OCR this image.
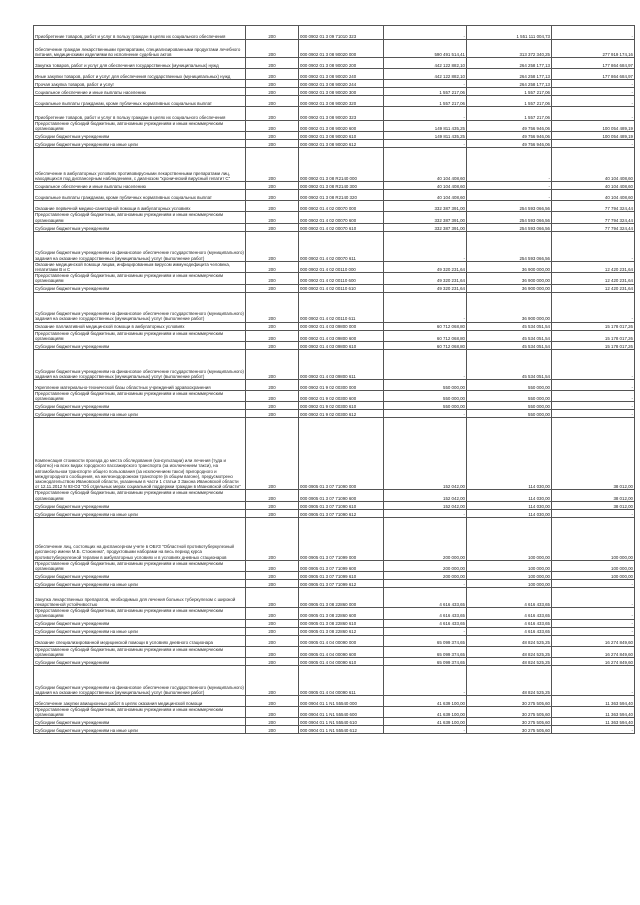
Приобретение товаров, работ и услуг в пользу граждан в целях их социального обеспечения	200	000 0902 01 3 09 71010 323	-	1 551 111 004,73	-
Обеспечение граждан лекарственными препаратами, специализированными продуктами лечебного питания, медицинскими изделиями во исполнение судебных актов	200	000 0902 01 3 08 90020 000	590 491 514,41	313 372 340,25	277 919 174,16
Закупка товаров, работ и услуг для обеспечения государственных (муниципальных) нужд	200	000 0902 01 3 08 90020 200	442 122 882,10	264 258 177,13	177 864 684,97
Иные закупки товаров, работ и услуг для обеспечения государственных (муниципальных) нужд	200	000 0902 01 3 08 90020 240	442 122 882,10	264 258 177,13	177 864 684,97
Прочая закупка товаров, работ и услуг	200	000 0902 01 3 08 90020 244	-	264 258 177,13	-
Социальное обеспечение и иные выплаты населению	200	000 0902 01 3 08 90020 300	1 557 217,06	1 557 217,06	-
Социальные выплаты гражданам, кроме публичных нормативных социальных выплат	200	000 0902 01 3 08 90020 320	1 557 217,06	1 557 217,06	-
Приобретение товаров, работ и услуг в пользу граждан в целях их социального обеспечения	200	000 0902 01 3 08 90020 323	-	1 557 217,06	-
Предоставление субсидий бюджетным, автономным учреждениям и иным некоммерческим организациям	200	000 0902 01 3 08 90020 600	149 811 435,25	49 756 946,06	100 054 489,19
Субсидии бюджетным учреждениям	200	000 0902 01 3 08 90020 610	149 811 435,25	49 756 946,06	100 054 489,19
Субсидии бюджетным учреждениям на иные цели	200	000 0902 01 3 08 90020 612	-	49 756 946,06	-
Обеспечение в амбулаторных условиях противовирусными лекарственными препаратами лиц, находящихся под диспансерным наблюдением, с диагнозом "хронический вирусный гепатит С"	200	000 0902 01 3 08 R2140 000	40 104 408,60	-	40 104 408,60
Социальное обеспечение и иные выплаты населению	200	000 0902 01 3 08 R2140 300	40 104 408,60	-	40 104 408,60
Социальные выплаты гражданам, кроме публичных нормативных социальных выплат	200	000 0902 01 3 08 R2140 320	40 104 408,60	-	40 104 408,60
Оказание первичной медико-санитарной помощи в амбулаторных условиях	200	000 0902 01 4 02 00070 000	332 387 391,00	254 593 066,56	77 794 324,44
Предоставление субсидий бюджетным, автономным учреждениям и иным некоммерческим организациям	200	000 0902 01 4 02 00070 600	332 387 391,00	254 593 066,56	77 794 324,44
Субсидии бюджетным учреждениям	200	000 0902 01 4 02 00070 610	332 387 391,00	254 593 066,56	77 794 324,44
Субсидии бюджетным учреждениям на финансовое обеспечение государственного (муниципального) задания на оказание государственных (муниципальных) услуг (выполнение работ)	200	000 0902 01 4 02 00070 611	-	254 593 066,56	-
Оказание медицинской помощи лицам, инфицированным вирусом иммунодефицита человека, гепатитами В и С	200	000 0902 01 4 02 00110 000	49 320 231,64	36 900 000,00	12 420 231,64
Предоставление субсидий бюджетным, автономным учреждениям и иным некоммерческим организациям	200	000 0902 01 4 02 00110 600	49 320 231,64	36 900 000,00	12 420 231,64
Субсидии бюджетным учреждениям	200	000 0902 01 4 02 00110 610	49 320 231,64	36 900 000,00	12 420 231,64
Субсидии бюджетным учреждениям на финансовое обеспечение государственного (муниципального) задания на оказание государственных (муниципальных) услуг (выполнение работ)	200	000 0902 01 4 02 00110 611	-	36 900 000,00	-
Оказание паллиативной медицинской помощи в амбулаторных условиях	200	000 0902 01 4 03 09800 000	60 712 068,80	45 534 051,54	15 178 017,26
Предоставление субсидий бюджетным, автономным учреждениям и иным некоммерческим организациям	200	000 0902 01 4 03 09800 600	60 712 068,80	45 534 051,54	15 178 017,26
Субсидии бюджетным учреждениям	200	000 0902 01 4 03 09800 610	60 712 068,80	45 534 051,54	15 178 017,26
Субсидии бюджетным учреждениям на финансовое обеспечение государственного (муниципального) задания на оказание государственных (муниципальных) услуг (выполнение работ)	200	000 0902 01 4 03 09800 611	-	45 534 051,54	-
Укрепление материально-технической базы областных учреждений здравоохранения	200	000 0902 01 9 02 00300 000	550 000,00	550 000,00	-
Предоставление субсидий бюджетным, автономным учреждениям и иным некоммерческим организациям	200	000 0902 01 9 02 00300 600	550 000,00	550 000,00	-
Субсидии бюджетным учреждениям	200	000 0902 01 9 02 00300 610	550 000,00	550 000,00	-
Субсидии бюджетным учреждениям на иные цели	200	000 0902 01 9 02 00300 612	-	550 000,00	-
Компенсация стоимости проезда до места обследования (консультации) или лечения (туда и обратно) на всех видах городского пассажирского транспорта (за исключением такси), на автомобильном транспорте общего пользования (за исключением такси) пригородного и междугородного сообщения, на железнодорожном транспорте (в общем вагоне), предусмотрено законодательством Ивановской области, указанным в части 1 статьи 3 Закона Ивановской области от 12.11.2012 N 93-ОЗ "Об отдельных мерах социальной поддержки граждан в Ивановской области"	200	000 0905 01 3 07 71090 000	152 042,00	114 030,00	38 012,00
Предоставление субсидий бюджетным, автономным учреждениям и иным некоммерческим организациям	200	000 0905 01 3 07 71090 600	152 042,00	114 030,00	38 012,00
Субсидии бюджетным учреждениям	200	000 0905 01 3 07 71090 610	152 042,00	114 030,00	38 012,00
Субсидии бюджетным учреждениям на иные цели	200	000 0905 01 3 07 71090 612	-	114 030,00	-
Обеспечение лиц, состоящих на диспансерном учете в ОБУЗ "Областной противотуберкулезный диспансер имени М.Б. Стоюнина", продуктовыми наборами на весь период курса противотуберкулезной терапии в амбулаторных условиях и в условиях дневных стационаров	200	000 0905 01 3 07 71099 000	200 000,00	100 000,00	100 000,00
Предоставление субсидий бюджетным, автономным учреждениям и иным некоммерческим организациям	200	000 0905 01 3 07 71099 600	200 000,00	100 000,00	100 000,00
Субсидии бюджетным учреждениям	200	000 0905 01 3 07 71099 610	200 000,00	100 000,00	100 000,00
Субсидии бюджетным учреждениям на иные цели	200	000 0905 01 3 07 71099 612	-	100 000,00	-
Закупка лекарственных препаратов, необходимых для лечения больных туберкулезом с широкой лекарственной устойчивостью	200	000 0905 01 3 08 22860 000	4 616 433,65	4 616 433,65	-
Предоставление субсидий бюджетным, автономным учреждениям и иным некоммерческим организациям	200	000 0905 01 3 08 22860 600	4 616 433,65	4 616 433,65	-
Субсидии бюджетным учреждениям	200	000 0905 01 3 08 22860 610	4 616 433,65	4 616 433,65	-
Субсидии бюджетным учреждениям на иные цели	200	000 0905 01 3 08 22860 612	-	4 616 433,65	-
Оказание специализированной медицинской помощи в условиях дневного стационара	200	000 0905 01 4 04 00090 000	65 099 374,65	48 824 525,25	16 274 849,60
Предоставление субсидий бюджетным, автономным учреждениям и иным некоммерческим организациям	200	000 0905 01 4 04 00090 600	65 099 374,65	48 824 525,25	16 274 849,60
Субсидии бюджетным учреждениям	200	000 0905 01 4 04 00090 610	65 099 374,65	48 824 525,25	16 274 849,60
Субсидии бюджетным учреждениям на финансовое обеспечение государственного (муниципального) задания на оказание государственных (муниципальных) услуг (выполнение работ)	200	000 0905 01 4 04 00090 611	-	48 824 525,25	-
Обеспечение закупки авиационных работ в целях оказания медицинской помощи	200	000 0904 01 1 N1 55540 000	41 639 100,00	30 275 505,60	11 363 594,40
Предоставление субсидий бюджетным, автономным учреждениям и иным некоммерческим организациям	200	000 0904 01 1 N1 55540 600	41 639 100,00	30 275 505,60	11 363 594,40
Субсидии бюджетным учреждениям	200	000 0904 01 1 N1 55540 610	41 639 100,00	30 275 505,60	11 363 594,40
Субсидии бюджетным учреждениям на иные цели	200	000 0904 01 1 N1 55540 612	-	30 275 505,60	-
